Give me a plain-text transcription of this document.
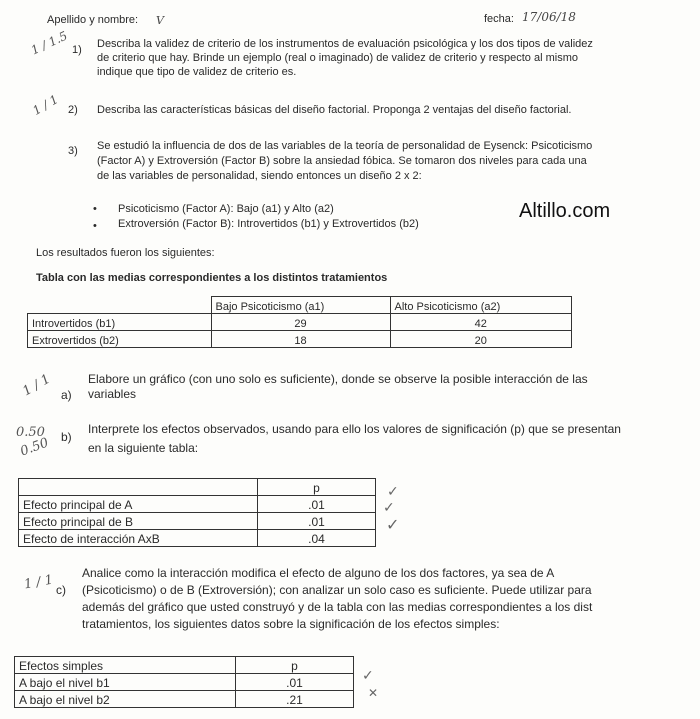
Apellido y nombre: V	fecha: 17/06/18
1 / 1.5 1) Describa la validez de criterio de los instrumentos de evaluación psicológica y los dos tipos de validez
de criterio que hay. Brinde un ejemplo (real o imaginado) de validez de criterio y respecto al mismo
indique que tipo de validez de criterio es.
1 / 1 2) Describa las características básicas del diseño factorial. Proponga 2 ventajas del diseño factorial.
3) Se estudió la influencia de dos de las variables de la teoría de personalidad de Eysenck: Psicoticismo
(Factor A) y Extroversión (Factor B) sobre la ansiedad fóbica. Se tomaron dos niveles para cada una
de las variables de personalidad, siendo entonces un diseño 2 x 2:
• Psicoticismo (Factor A): Bajo (a1) y Alto (a2)
• Extroversión (Factor B): Introvertidos (b1) y Extrovertidos (b2)
Altillo.com
Los resultados fueron los siguientes:
Tabla con las medias correspondientes a los distintos tratamientos
	Bajo Psicoticismo (a1)	Alto Psicoticismo (a2)
Introvertidos (b1)	29	42
Extrovertidos (b2)	18	20
1 / 1 a)
Elabore un gráfico (con uno solo es suficiente), donde se observe la posible interacción de las
variables
0.50
0.50 b)
Interprete los efectos observados, usando para ello los valores de significación (p) que se presentan
en la siguiente tabla:
	p
Efecto principal de A	.01
Efecto principal de B	.01
Efecto de interacción AxB	.04
✓
✓
✓
1 / 1 c)
Analice como la interacción modifica el efecto de alguno de los dos factores, ya sea de A
(Psicoticismo) o de B (Extroversión); con analizar un solo caso es suficiente. Puede utilizar para
además del gráfico que usted construyó y de la tabla con las medias correspondientes a los dist
tratamientos, los siguientes datos sobre la significación de los efectos simples:
Efectos simples	p
A bajo el nivel b1	.01
A bajo el nivel b2	.21
✓
✕
